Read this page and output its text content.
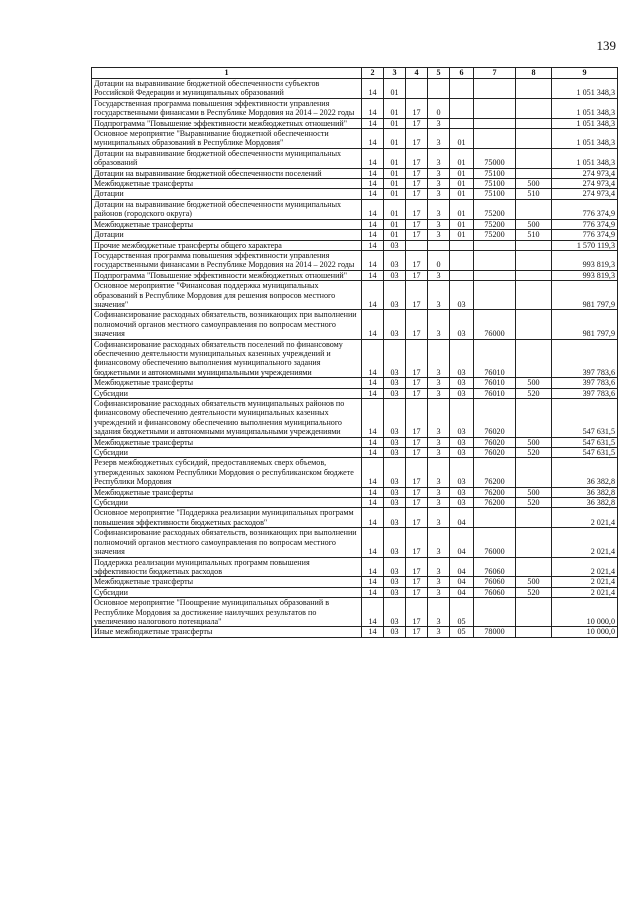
139
1	2	3	4	5	6	7	8	9
Дотации на выравнивание бюджетной обеспеченности субъектов Российской Федерации и муниципальных образований	14	01						1 051 348,3
Государственная программа повышения эффективности управления государственными финансами в Республике Мордовия на 2014 – 2022 годы	14	01	17	0				1 051 348,3
Подпрограмма "Повышение эффективности межбюджетных отношений"	14	01	17	3				1 051 348,3
Основное мероприятие "Выравнивание бюджетной обеспеченности муниципальных образований в Республике Мордовия"	14	01	17	3	01			1 051 348,3
Дотации на выравнивание бюджетной обеспеченности муниципальных образований	14	01	17	3	01	75000		1 051 348,3
Дотации на выравнивание бюджетной обеспеченности поселений	14	01	17	3	01	75100		274 973,4
Межбюджетные трансферты	14	01	17	3	01	75100	500	274 973,4
Дотации	14	01	17	3	01	75100	510	274 973,4
Дотации на выравнивание бюджетной обеспеченности муниципальных районов (городского округа)	14	01	17	3	01	75200		776 374,9
Межбюджетные трансферты	14	01	17	3	01	75200	500	776 374,9
Дотации	14	01	17	3	01	75200	510	776 374,9
Прочие межбюджетные трансферты общего характера	14	03						1 570 119,3
Государственная программа повышения эффективности управления государственными финансами в Республике Мордовия на 2014 – 2022 годы	14	03	17	0				993 819,3
Подпрограмма "Повышение эффективности межбюджетных отношений"	14	03	17	3				993 819,3
Основное мероприятие "Финансовая поддержка муниципальных образований в Республике Мордовия для решения вопросов местного значения"	14	03	17	3	03			981 797,9
Софинансирование расходных обязательств, возникающих при выполнении полномочий органов местного самоуправления по вопросам местного значения	14	03	17	3	03	76000		981 797,9
Софинансирование расходных обязательств поселений по финансовому обеспечению деятельности муниципальных казенных учреждений и финансовому обеспечению выполнения муниципального задания бюджетными и автономными муниципальными учреждениями	14	03	17	3	03	76010		397 783,6
Межбюджетные трансферты	14	03	17	3	03	76010	500	397 783,6
Субсидии	14	03	17	3	03	76010	520	397 783,6
Софинансирование расходных обязательств муниципальных районов по финансовому обеспечению деятельности муниципальных казенных учреждений и финансовому обеспечению выполнения муниципального задания бюджетными и автономными муниципальными учреждениями	14	03	17	3	03	76020		547 631,5
Межбюджетные трансферты	14	03	17	3	03	76020	500	547 631,5
Субсидии	14	03	17	3	03	76020	520	547 631,5
Резерв межбюджетных субсидий, предоставляемых сверх объемов, утвержденных законом Республики Мордовия о республиканском бюджете Республики Мордовия	14	03	17	3	03	76200		36 382,8
Межбюджетные трансферты	14	03	17	3	03	76200	500	36 382,8
Субсидии	14	03	17	3	03	76200	520	36 382,8
Основное мероприятие "Поддержка реализации муниципальных программ повышения эффективности бюджетных расходов"	14	03	17	3	04			2 021,4
Софинансирование расходных обязательств, возникающих при выполнении полномочий органов местного самоуправления по вопросам местного значения	14	03	17	3	04	76000		2 021,4
Поддержка реализации муниципальных программ повышения эффективности бюджетных расходов	14	03	17	3	04	76060		2 021,4
Межбюджетные трансферты	14	03	17	3	04	76060	500	2 021,4
Субсидии	14	03	17	3	04	76060	520	2 021,4
Основное мероприятие "Поощрение муниципальных образований в Республике Мордовия за достижение наилучших результатов по увеличению налогового потенциала"	14	03	17	3	05			10 000,0
Иные межбюджетные трансферты	14	03	17	3	05	78000		10 000,0
